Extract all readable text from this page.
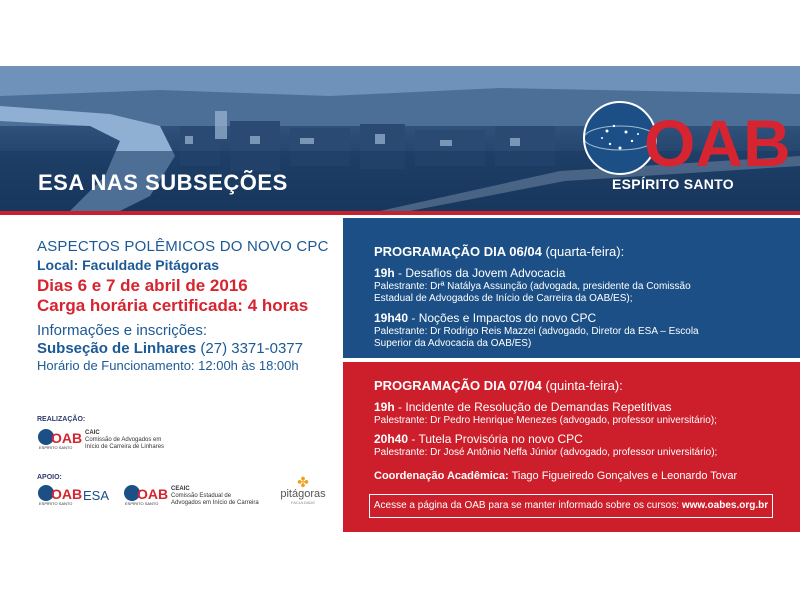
ESA NAS SUBSEÇÕES
OAB
ESPÍRITO SANTO
ASPECTOS POLÊMICOS DO NOVO CPC
Local: Faculdade Pitágoras
Dias 6 e 7 de abril de 2016
Carga horária certificada: 4 horas
Informações e inscrições:
Subseção de Linhares (27) 3371-0377
Horário de Funcionamento: 12:00h às 18:00h
REALIZAÇÃO:
OAB
ESPÍRITO SANTO
CAIC
Comissão de Advogados em
Início de Carreira de Linhares
APOIO:
OAB
ESPÍRITO SANTO
ESA OAB
ESPÍRITO SANTO
CEAIC
Comissão Estadual de
Advogados em Início de Carreira
✤
pitágoras
FACULDADE
PROGRAMAÇÃO DIA 06/04 (quarta-feira):
19h - Desafios da Jovem Advocacia
Palestrante: Drª Natálya Assunção (advogada, presidente da Comissão
Estadual de Advogados de Início de Carreira da OAB/ES);
19h40 - Noções e Impactos do novo CPC
Palestrante: Dr Rodrigo Reis Mazzei (advogado, Diretor da ESA – Escola
Superior da Advocacia da OAB/ES)
PROGRAMAÇÃO DIA 07/04 (quinta-feira):
19h - Incidente de Resolução de Demandas Repetitivas
Palestrante: Dr Pedro Henrique Menezes (advogado, professor universitário);
20h40 - Tutela Provisória no novo CPC
Palestrante: Dr José Antônio Neffa Júnior (advogado, professor universitário);
Coordenação Acadêmica: Tiago Figueiredo Gonçalves e Leonardo Tovar
Acesse a página da OAB para se manter informado sobre os cursos: www.oabes.org.br
